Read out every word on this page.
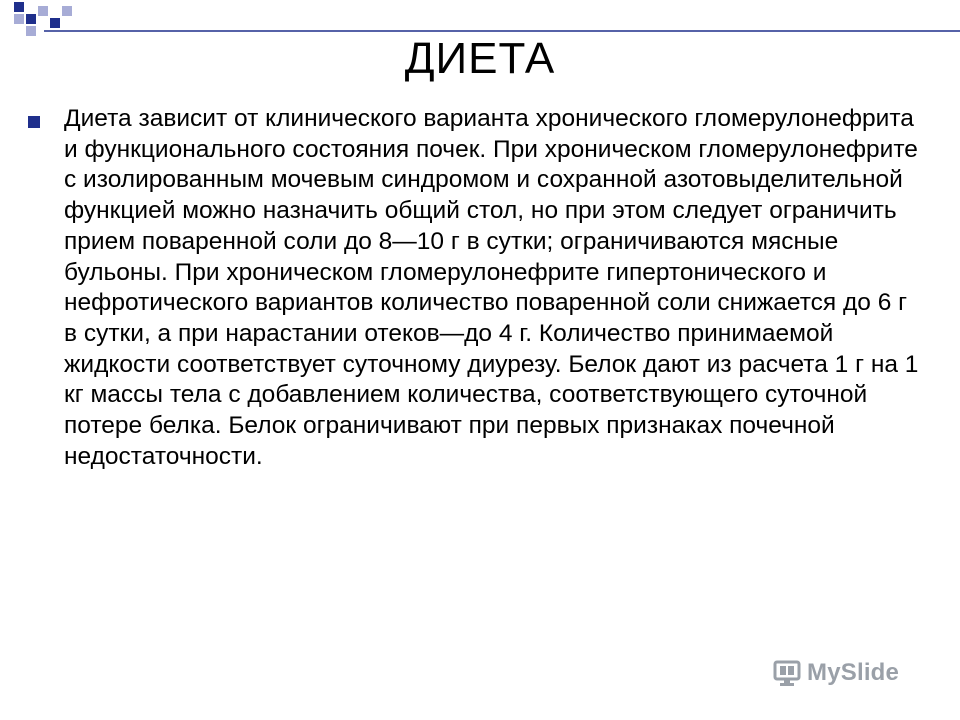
ДИЕТА

Диета зависит от клинического варианта хронического гломерулонефрита и функционального состояния почек. При хроническом гломерулонефрите с изолированным мочевым синдромом и сохранной азотовыделительной функцией можно назначить общий стол, но при этом следует ограничить прием поваренной соли до 8—10 г в сутки; ограничиваются мясные бульоны. При хроническом гломерулонефрите гипертонического и нефротического вариантов количество поваренной соли снижается до 6 г в сутки, а при нарастании отеков—до 4 г. Количество принимаемой жидкости соответствует суточному диурезу. Белок дают из расчета 1 г на 1 кг массы тела с добавлением количества, соответствующего суточной потере белка. Белок ограничивают при первых признаках почечной недостаточности.

MySlide
